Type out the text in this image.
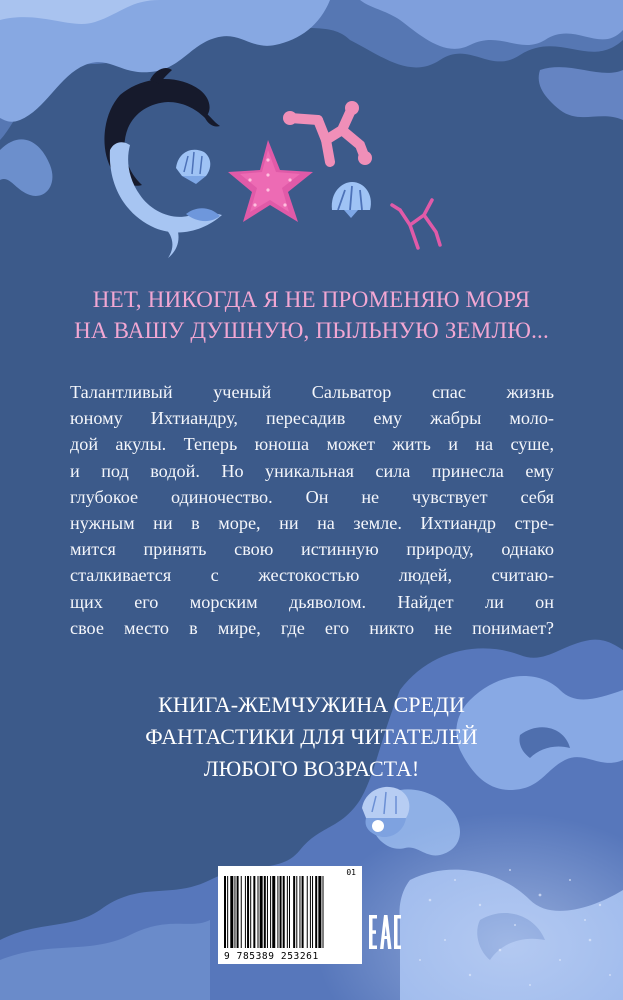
НЕТ, НИКОГДА Я НЕ ПРОМЕНЯЮ МОРЯ
НА ВАШУ ДУШНУЮ, ПЫЛЬНУЮ ЗЕМЛЮ...
Талантливый ученый Сальватор спас жизнь
юному Ихтиандру, пересадив ему жабры моло-
дой акулы. Теперь юноша может жить и на суше,
и под водой. Но уникальная сила принесла ему
глубокое одиночество. Он не чувствует себя
нужным ни в море, ни на земле. Ихтиандр стре-
мится принять свою истинную природу, однако
сталкивается с жестокостью людей, считаю-
щих его морским дьяволом. Найдет ли он
свое место в мире, где его никто не понимает?
КНИГА-ЖЕМЧУЖИНА СРЕДИ
ФАНТАСТИКИ ДЛЯ ЧИТАТЕЛЕЙ
ЛЮБОГО ВОЗРАСТА!
01
9 785389 253261
